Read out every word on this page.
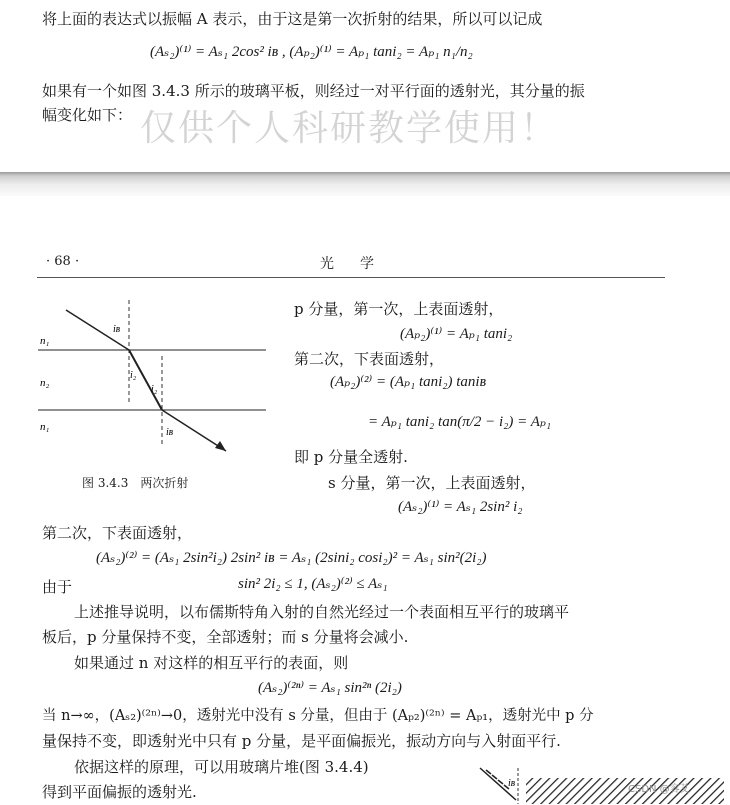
将上面的表达式以振幅 A 表示，由于这是第一次折射的结果，所以可以记成
(Aₛ₂)⁽¹⁾ = Aₛ₁ 2cos² iʙ , (Aₚ₂)⁽¹⁾ = Aₚ₁ tani₂ = Aₚ₁ n₁/n₂
如果有一个如图 3.4.3 所示的玻璃平板，则经过一对平行面的透射光，其分量的振
幅变化如下： 仅供个人科研教学使用！
· 68 ·	光　学
n₁
n₂
n₁
iʙ
i₂
i₂
iʙ
图 3.4.3　两次折射
p 分量，第一次，上表面透射，
(Aₚ₂)⁽¹⁾ = Aₚ₁ tani₂
第二次，下表面透射，
(Aₚ₂)⁽²⁾ = (Aₚ₁ tani₂) taniʙ
= Aₚ₁ tani₂ tan(π/2 − i₂) = Aₚ₁
即 p 分量全透射.
s 分量，第一次，上表面透射，
(Aₛ₂)⁽¹⁾ = Aₛ₁ 2sin² i₂
第二次，下表面透射，
(Aₛ₂)⁽²⁾ = (Aₛ₁ 2sin²i₂) 2sin² iʙ = Aₛ₁ (2sini₂ cosi₂)² = Aₛ₁ sin²(2i₂)
由于	sin² 2i₂ ≤ 1, (Aₛ₂)⁽²⁾ ≤ Aₛ₁
上述推导说明，以布儒斯特角入射的自然光经过一个表面相互平行的玻璃平
板后，p 分量保持不变，全部透射；而 s 分量将会减小.
如果通过 n 对这样的相互平行的表面，则
(Aₛ₂)⁽²ⁿ⁾ = Aₛ₁ sin²ⁿ (2i₂)
当 n→∞，(Aₛ₂)⁽²ⁿ⁾→0，透射光中没有 s 分量，但由于 (Aₚ₂)⁽²ⁿ⁾ = Aₚ₁，透射光中 p 分
量保持不变，即透射光中只有 p 分量，是平面偏振光，振动方向与入射面平行.
依据这样的原理，可以用玻璃片堆(图 3.4.4)
得到平面偏振的透射光.	iʙ
CSDN @容艾
